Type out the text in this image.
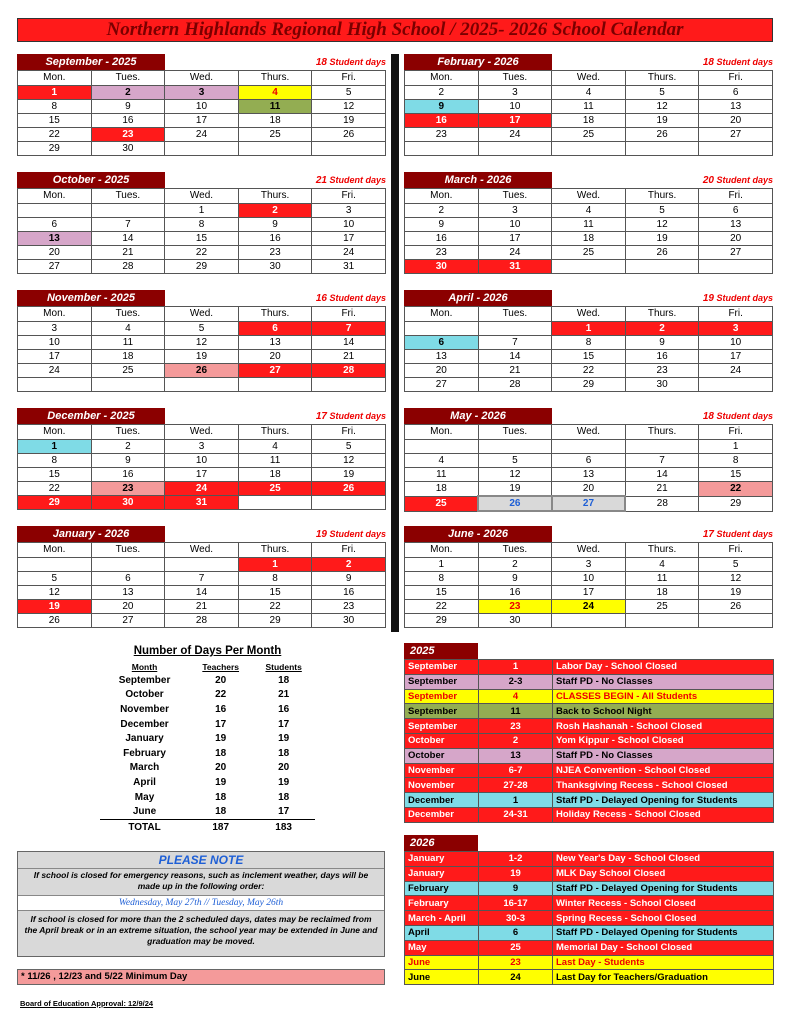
Northern Highlands Regional High School / 2025- 2026 School Calendar
September - 2025	18 Student days
Mon.	Tues.	Wed.	Thurs.	Fri.
1	2	3	4	5
8	9	10	11	12
15	16	17	18	19
22	23	24	25	26
29	30			
October - 2025	21 Student days
Mon.	Tues.	Wed.	Thurs.	Fri.
		1	2	3
6	7	8	9	10
13	14	15	16	17
20	21	22	23	24
27	28	29	30	31
November - 2025	16 Student days
Mon.	Tues.	Wed.	Thurs.	Fri.
3	4	5	6	7
10	11	12	13	14
17	18	19	20	21
24	25	26	27	28

December - 2025	17 Student days
Mon.	Tues.	Wed.	Thurs.	Fri.
1	2	3	4	5
8	9	10	11	12
15	16	17	18	19
22	23	24	25	26
29	30	31		
January - 2026	19 Student days
Mon.	Tues.	Wed.	Thurs.	Fri.
			1	2
5	6	7	8	9
12	13	14	15	16
19	20	21	22	23
26	27	28	29	30
February - 2026	18 Student days
Mon.	Tues.	Wed.	Thurs.	Fri.
2	3	4	5	6
9	10	11	12	13
16	17	18	19	20
23	24	25	26	27

March - 2026	20 Student days
Mon.	Tues.	Wed.	Thurs.	Fri.
2	3	4	5	6
9	10	11	12	13
16	17	18	19	20
23	24	25	26	27
30	31			
April - 2026	19 Student days
Mon.	Tues.	Wed.	Thurs.	Fri.
		1	2	3
6	7	8	9	10
13	14	15	16	17
20	21	22	23	24
27	28	29	30	
May - 2026	18 Student days
Mon.	Tues.	Wed.	Thurs.	Fri.
				1
4	5	6	7	8
11	12	13	14	15
18	19	20	21	22
25	26	27	28	29
June - 2026	17 Student days
Mon.	Tues.	Wed.	Thurs.	Fri.
1	2	3	4	5
8	9	10	11	12
15	16	17	18	19
22	23	24	25	26
29	30			
Number of Days Per Month
Month	Teachers	Students
September	20	18
October	22	21
November	16	16
December	17	17
January	19	19
February	18	18
March	20	20
April	19	19
May	18	18
June	18	17
TOTAL	187	183
PLEASE NOTE
If school is closed for emergency reasons, such as inclement weather, days will be made up in the following order:
Wednesday, May 27th // Tuesday, May 26th
If school is closed for more than the 2 scheduled days, dates may be reclaimed from the April break or in an extreme situation, the school year may be extended in June and graduation may be moved.
* 11/26 , 12/23 and 5/22 Minimum Day
Board of Education Approval: 12/9/24
2025
September	1	Labor Day - School Closed
September	2-3	Staff PD - No Classes
September	4	CLASSES BEGIN - All Students
September	11	Back to School Night
September	23	Rosh Hashanah - School Closed
October	2	Yom Kippur - School Closed
October	13	Staff PD - No Classes
November	6-7	NJEA Convention - School Closed
November	27-28	Thanksgiving Recess - School Closed
December	1	Staff PD - Delayed Opening for Students
December	24-31	Holiday Recess - School Closed
2026
January	1-2	New Year's Day - School Closed
January	19	MLK Day School Closed
February	9	Staff PD - Delayed Opening for Students
February	16-17	Winter Recess - School Closed
March - April	30-3	Spring Recess - School Closed
April	6	Staff PD - Delayed Opening for Students
May	25	Memorial Day - School Closed
June	23	Last Day - Students
June	24	Last Day for Teachers/Graduation
